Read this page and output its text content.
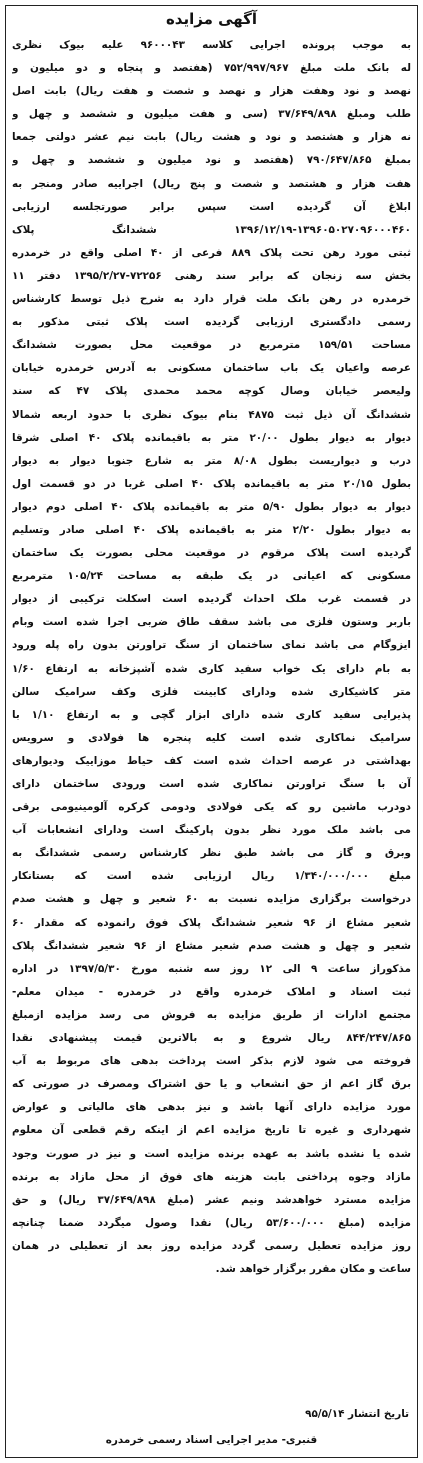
آگهی مزایده
به موجب پرونده اجرایی کلاسه ۹۶۰۰۰۴۳ علیه بیوک نظری
له بانک ملت مبلغ ۷۵۲/۹۹۷/۹۶۷ (هفتصد و پنجاه و دو میلیون و
نهصد و نود وهفت هزار و نهصد و شصت و هفت ریال) بابت اصل
طلب ومبلغ ۳۷/۶۴۹/۸۹۸ (سی و هفت میلیون و ششصد و چهل و
نه هزار و هشتصد و نود و هشت ریال) بابت نیم عشر دولتی جمعا
بمبلغ ۷۹۰/۶۴۷/۸۶۵ (هفتصد و نود میلیون و ششصد و چهل و
هفت هزار و هشتصد و شصت و پنج ریال) اجراییه صادر ومنجر به
ابلاغ آن گردیده است سپس برابر صورتجلسه ارزیابی
۱۳۹۶/۱۲/۱۹-۱۳۹۶۰۵۰۲۷۰۹۶۰۰۰۴۶۰ ششدانگ پلاک
ثبتی مورد رهن تحت پلاک ۸۸۹ فرعی از ۴۰ اصلی واقع در خرمدره
بخش سه زنجان که برابر سند رهنی ۷۲۲۵۶-۱۳۹۵/۲/۲۷ دفتر ۱۱
خرمدره در رهن بانک ملت قرار دارد به شرح ذیل توسط کارشناس
رسمی دادگستری ارزیابی گردیده است پلاک ثبتی مذکور به
مساحت ۱۵۹/۵۱ مترمربع در موقعیت محل بصورت ششدانگ
عرصه واعیان یک باب ساختمان مسکونی به آدرس خرمدره خیابان
ولیعصر خیابان وصال کوچه محمد محمدی پلاک ۴۷ که سند
ششدانگ آن ذیل ثبت ۴۸۷۵ بنام بیوک نظری با حدود اربعه شمالا
دیوار به دیوار بطول ۲۰/۰۰ متر به باقیمانده پلاک ۴۰ اصلی شرقا
درب و دیواریست بطول ۸/۰۸ متر به شارع جنوبا دیوار به دیوار
بطول ۲۰/۱۵ متر به باقیمانده پلاک ۴۰ اصلی غربا در دو قسمت اول
دیوار به دیوار بطول ۵/۹۰ متر به باقیمانده پلاک ۴۰ اصلی دوم دیوار
به دیوار بطول ۲/۲۰ متر به باقیمانده پلاک ۴۰ اصلی صادر وتسلیم
گردیده است پلاک مرقوم در موقعیت محلی بصورت یک ساختمان
مسکونی که اعیانی در یک طبقه به مساحت ۱۰۵/۲۴ مترمربع
در قسمت غرب ملک احداث گردیده است اسکلت ترکیبی از دیوار
باربر وستون فلزی می باشد سقف طاق ضربی اجرا شده است وبام
ایزوگام می باشد نمای ساختمان از سنگ تراورتن بدون راه پله ورود
به بام دارای یک خواب سفید کاری شده آشپزخانه به ارتفاع ۱/۶۰
متر کاشیکاری شده ودارای کابینت فلزی وکف سرامیک سالن
پذیرایی سفید کاری شده دارای ابزار گچی و به ارتفاع ۱/۱۰ با
سرامیک نماکاری شده است کلیه پنجره ها فولادی و سرویس
بهداشتی در عرصه احداث شده است کف حیاط موزاییک ودیوارهای
آن با سنگ تراورتن نماکاری شده است ورودی ساختمان دارای
دودرب ماشین رو که یکی فولادی ودومی کرکره آلومینیومی برقی
می باشد ملک مورد نظر بدون پارکینگ است ودارای انشعابات آب
وبرق و گاز می باشد طبق نظر کارشناس رسمی ششدانگ به
مبلغ ۱/۳۴۰/۰۰۰/۰۰۰ ریال ارزیابی شده است که بستانکار
درخواست برگزاری مزایده نسبت به ۶۰ شعیر و چهل و هشت صدم
شعیر مشاع از ۹۶ شعیر ششدانگ پلاک فوق رانموده که مقدار ۶۰
شعیر و چهل و هشت صدم شعیر مشاع از ۹۶ شعیر ششدانگ پلاک
مذکوراز ساعت ۹ الی ۱۲ روز سه شنبه مورخ ۱۳۹۷/۵/۳۰ در اداره
ثبت اسناد و املاک خرمدره واقع در خرمدره - میدان معلم-
مجتمع ادارات از طریق مزایده به فروش می رسد مزایده ازمبلغ
۸۴۴/۲۴۷/۸۶۵ ریال شروع و به بالاترین قیمت پیشنهادی نقدا
فروخته می شود لازم بذکر است پرداخت بدهی های مربوط به آب
برق گاز اعم از حق انشعاب و یا حق اشتراک ومصرف در صورتی که
مورد مزایده دارای آنها باشد و نیز بدهی های مالیاتی و عوارض
شهرداری و غیره تا تاریخ مزایده اعم از اینکه رقم قطعی آن معلوم
شده یا نشده باشد به عهده برنده مزایده است و نیز در صورت وجود
مازاد وجوه پرداختی بابت هزینه های فوق از محل مازاد به برنده
مزایده مسترد خواهدشد ونیم عشر (مبلغ ۳۷/۶۴۹/۸۹۸ ریال) و حق
مزایده (مبلغ ۵۳/۶۰۰/۰۰۰ ریال) نقدا وصول میگردد ضمنا چنانچه
روز مزایده تعطیل رسمی گردد مزایده روز بعد از تعطیلی در همان
ساعت و مکان مقرر برگزار خواهد شد.
تاریخ انتشار ۹۵/۵/۱۴
قنبری- مدیر اجرایی اسناد رسمی خرمدره
